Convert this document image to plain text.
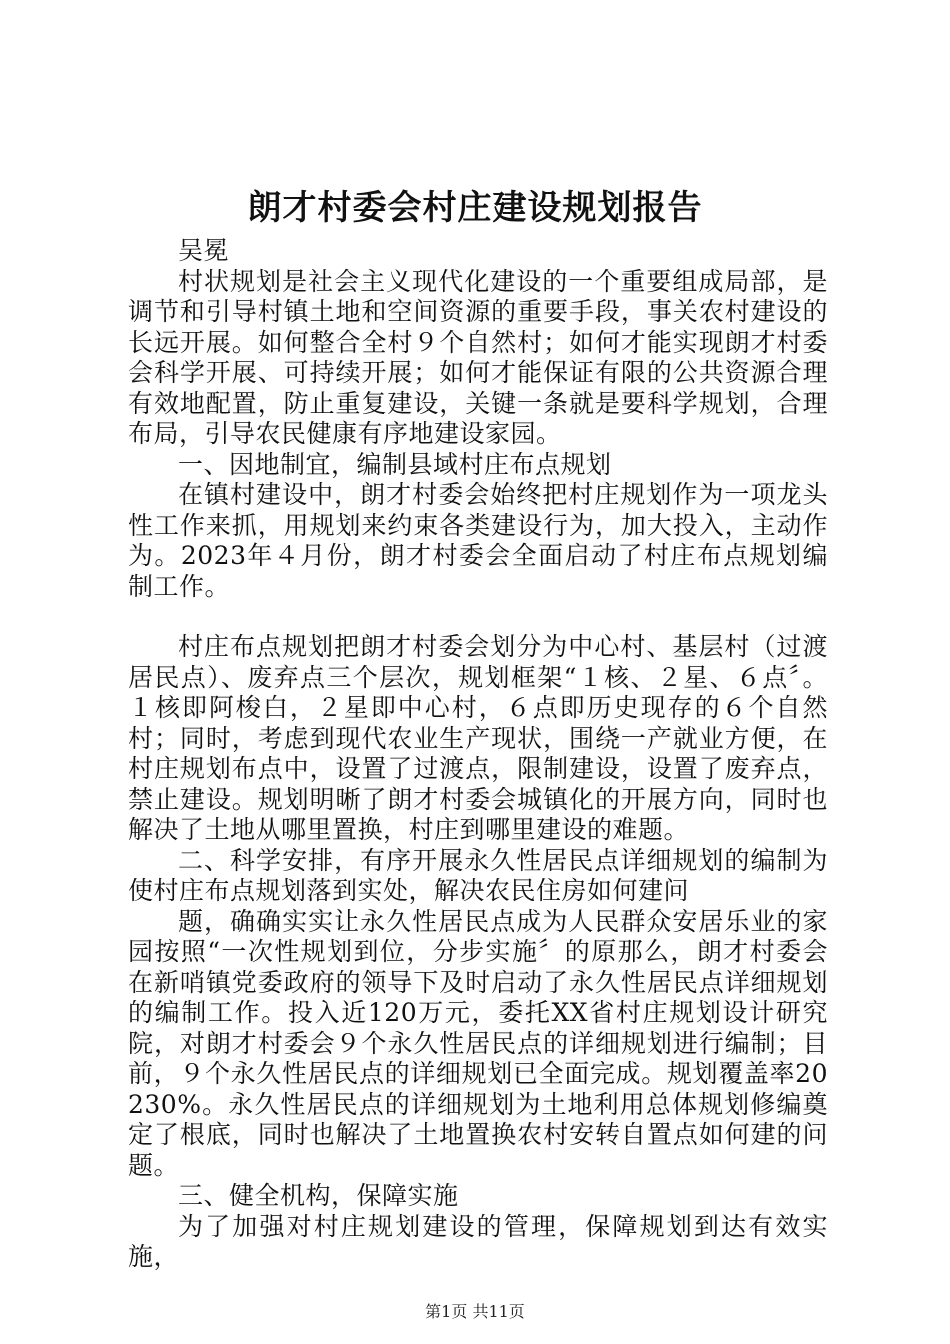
朗才村委会村庄建设规划报告

吴冕

村状规划是社会主义现代化建设的一个重要组成局部，是调节和引导村镇土地和空间资源的重要手段，事关农村建设的长远开展。如何整合全村９个自然村；如何才能实现朗才村委会科学开展、可持续开展；如何才能保证有限的公共资源合理有效地配置，防止重复建设，关键一条就是要科学规划，合理布局，引导农民健康有序地建设家园。

一、因地制宜，编制县域村庄布点规划

在镇村建设中，朗才村委会始终把村庄规划作为一项龙头性工作来抓，用规划来约束各类建设行为，加大投入，主动作为。2023年４月份，朗才村委会全面启动了村庄布点规划编制工作。

村庄布点规划把朗才村委会划分为中心村、基层村（过渡居民点）、废弃点三个层次，规划框架“１核、２星、６点〞。１核即阿梭白，２星即中心村，６点即历史现存的６个自然村；同时，考虑到现代农业生产现状，围绕一产就业方便，在村庄规划布点中，设置了过渡点，限制建设，设置了废弃点，禁止建设。规划明晰了朗才村委会城镇化的开展方向，同时也解决了土地从哪里置换，村庄到哪里建设的难题。

二、科学安排，有序开展永久性居民点详细规划的编制为使村庄布点规划落到实处，解决农民住房如何建问

题，确确实实让永久性居民点成为人民群众安居乐业的家园按照“一次性规划到位，分步实施〞的原那么，朗才村委会在新哨镇党委政府的领导下及时启动了永久性居民点详细规划的编制工作。投入近120万元，委托XX省村庄规划设计研究院，对朗才村委会９个永久性居民点的详细规划进行编制；目前，９个永久性居民点的详细规划已全面完成。规划覆盖率20230%。永久性居民点的详细规划为土地利用总体规划修编奠定了根底，同时也解决了土地置换农村安转自置点如何建的问题。

三、健全机构，保障实施

为了加强对村庄规划建设的管理，保障规划到达有效实施，

第1页 共11页
